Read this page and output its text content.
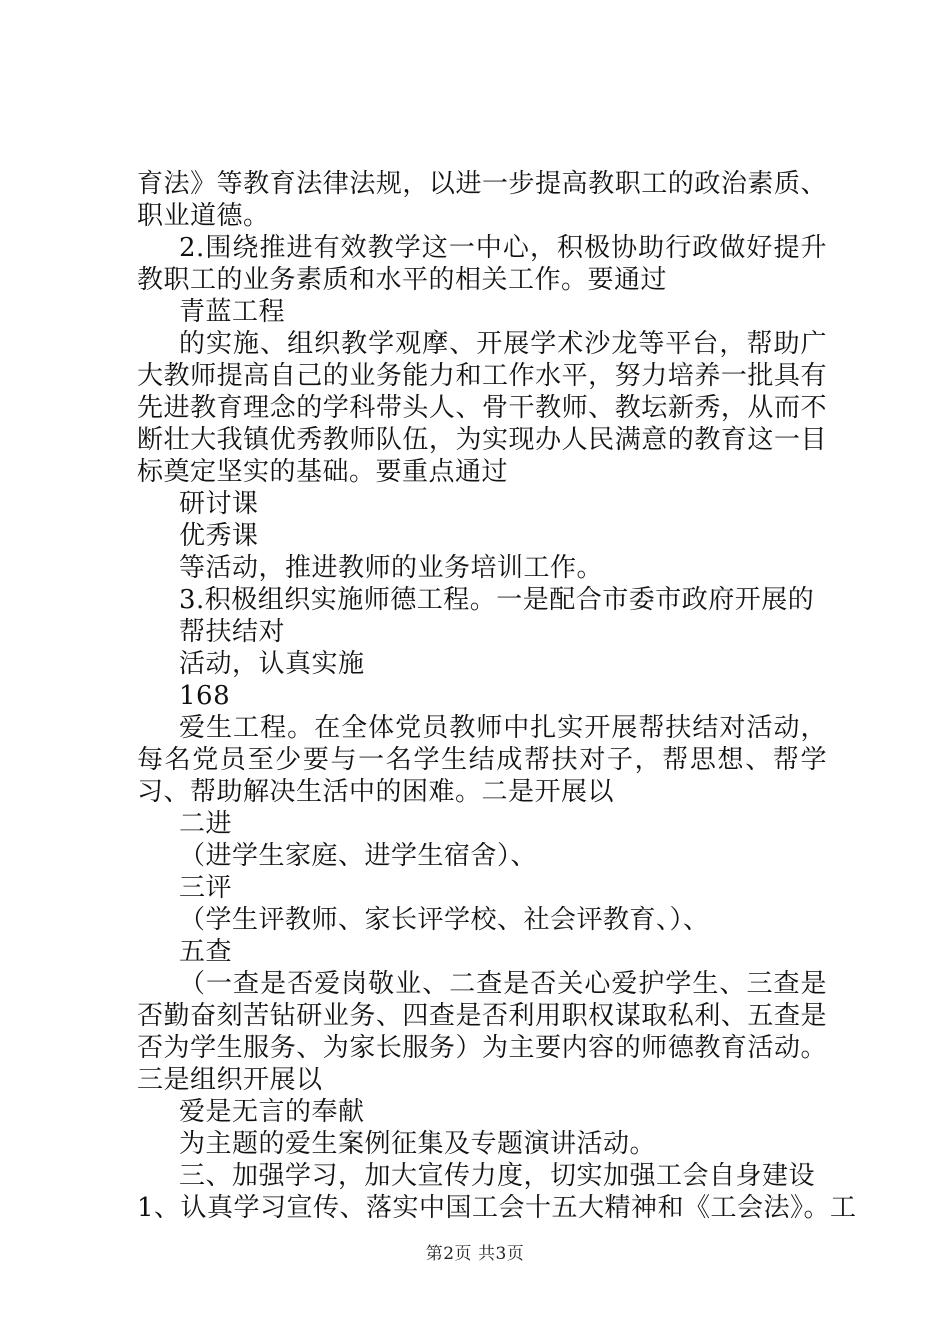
育法》等教育法律法规，以进一步提高教职工的政治素质、职业道德。
2.围绕推进有效教学这一中心，积极协助行政做好提升教职工的业务素质和水平的相关工作。要通过
青蓝工程
的实施、组织教学观摩、开展学术沙龙等平台，帮助广大教师提高自己的业务能力和工作水平，努力培养一批具有先进教育理念的学科带头人、骨干教师、教坛新秀，从而不断壮大我镇优秀教师队伍，为实现办人民满意的教育这一目标奠定坚实的基础。要重点通过
研讨课
优秀课
等活动，推进教师的业务培训工作。
3.积极组织实施师德工程。一是配合市委市政府开展的
帮扶结对
活动，认真实施
168
爱生工程。在全体党员教师中扎实开展帮扶结对活动，每名党员至少要与一名学生结成帮扶对子，帮思想、帮学习、帮助解决生活中的困难。二是开展以
二进
（进学生家庭、进学生宿舍）、
三评
（学生评教师、家长评学校、社会评教育、）、
五查
（一查是否爱岗敬业、二查是否关心爱护学生、三查是否勤奋刻苦钻研业务、四查是否利用职权谋取私利、五查是否为学生服务、为家长服务）为主要内容的师德教育活动。三是组织开展以
爱是无言的奉献
为主题的爱生案例征集及专题演讲活动。
三、加强学习，加大宣传力度，切实加强工会自身建设
1、认真学习宣传、落实中国工会十五大精神和《工会法》。工
第2页 共3页
